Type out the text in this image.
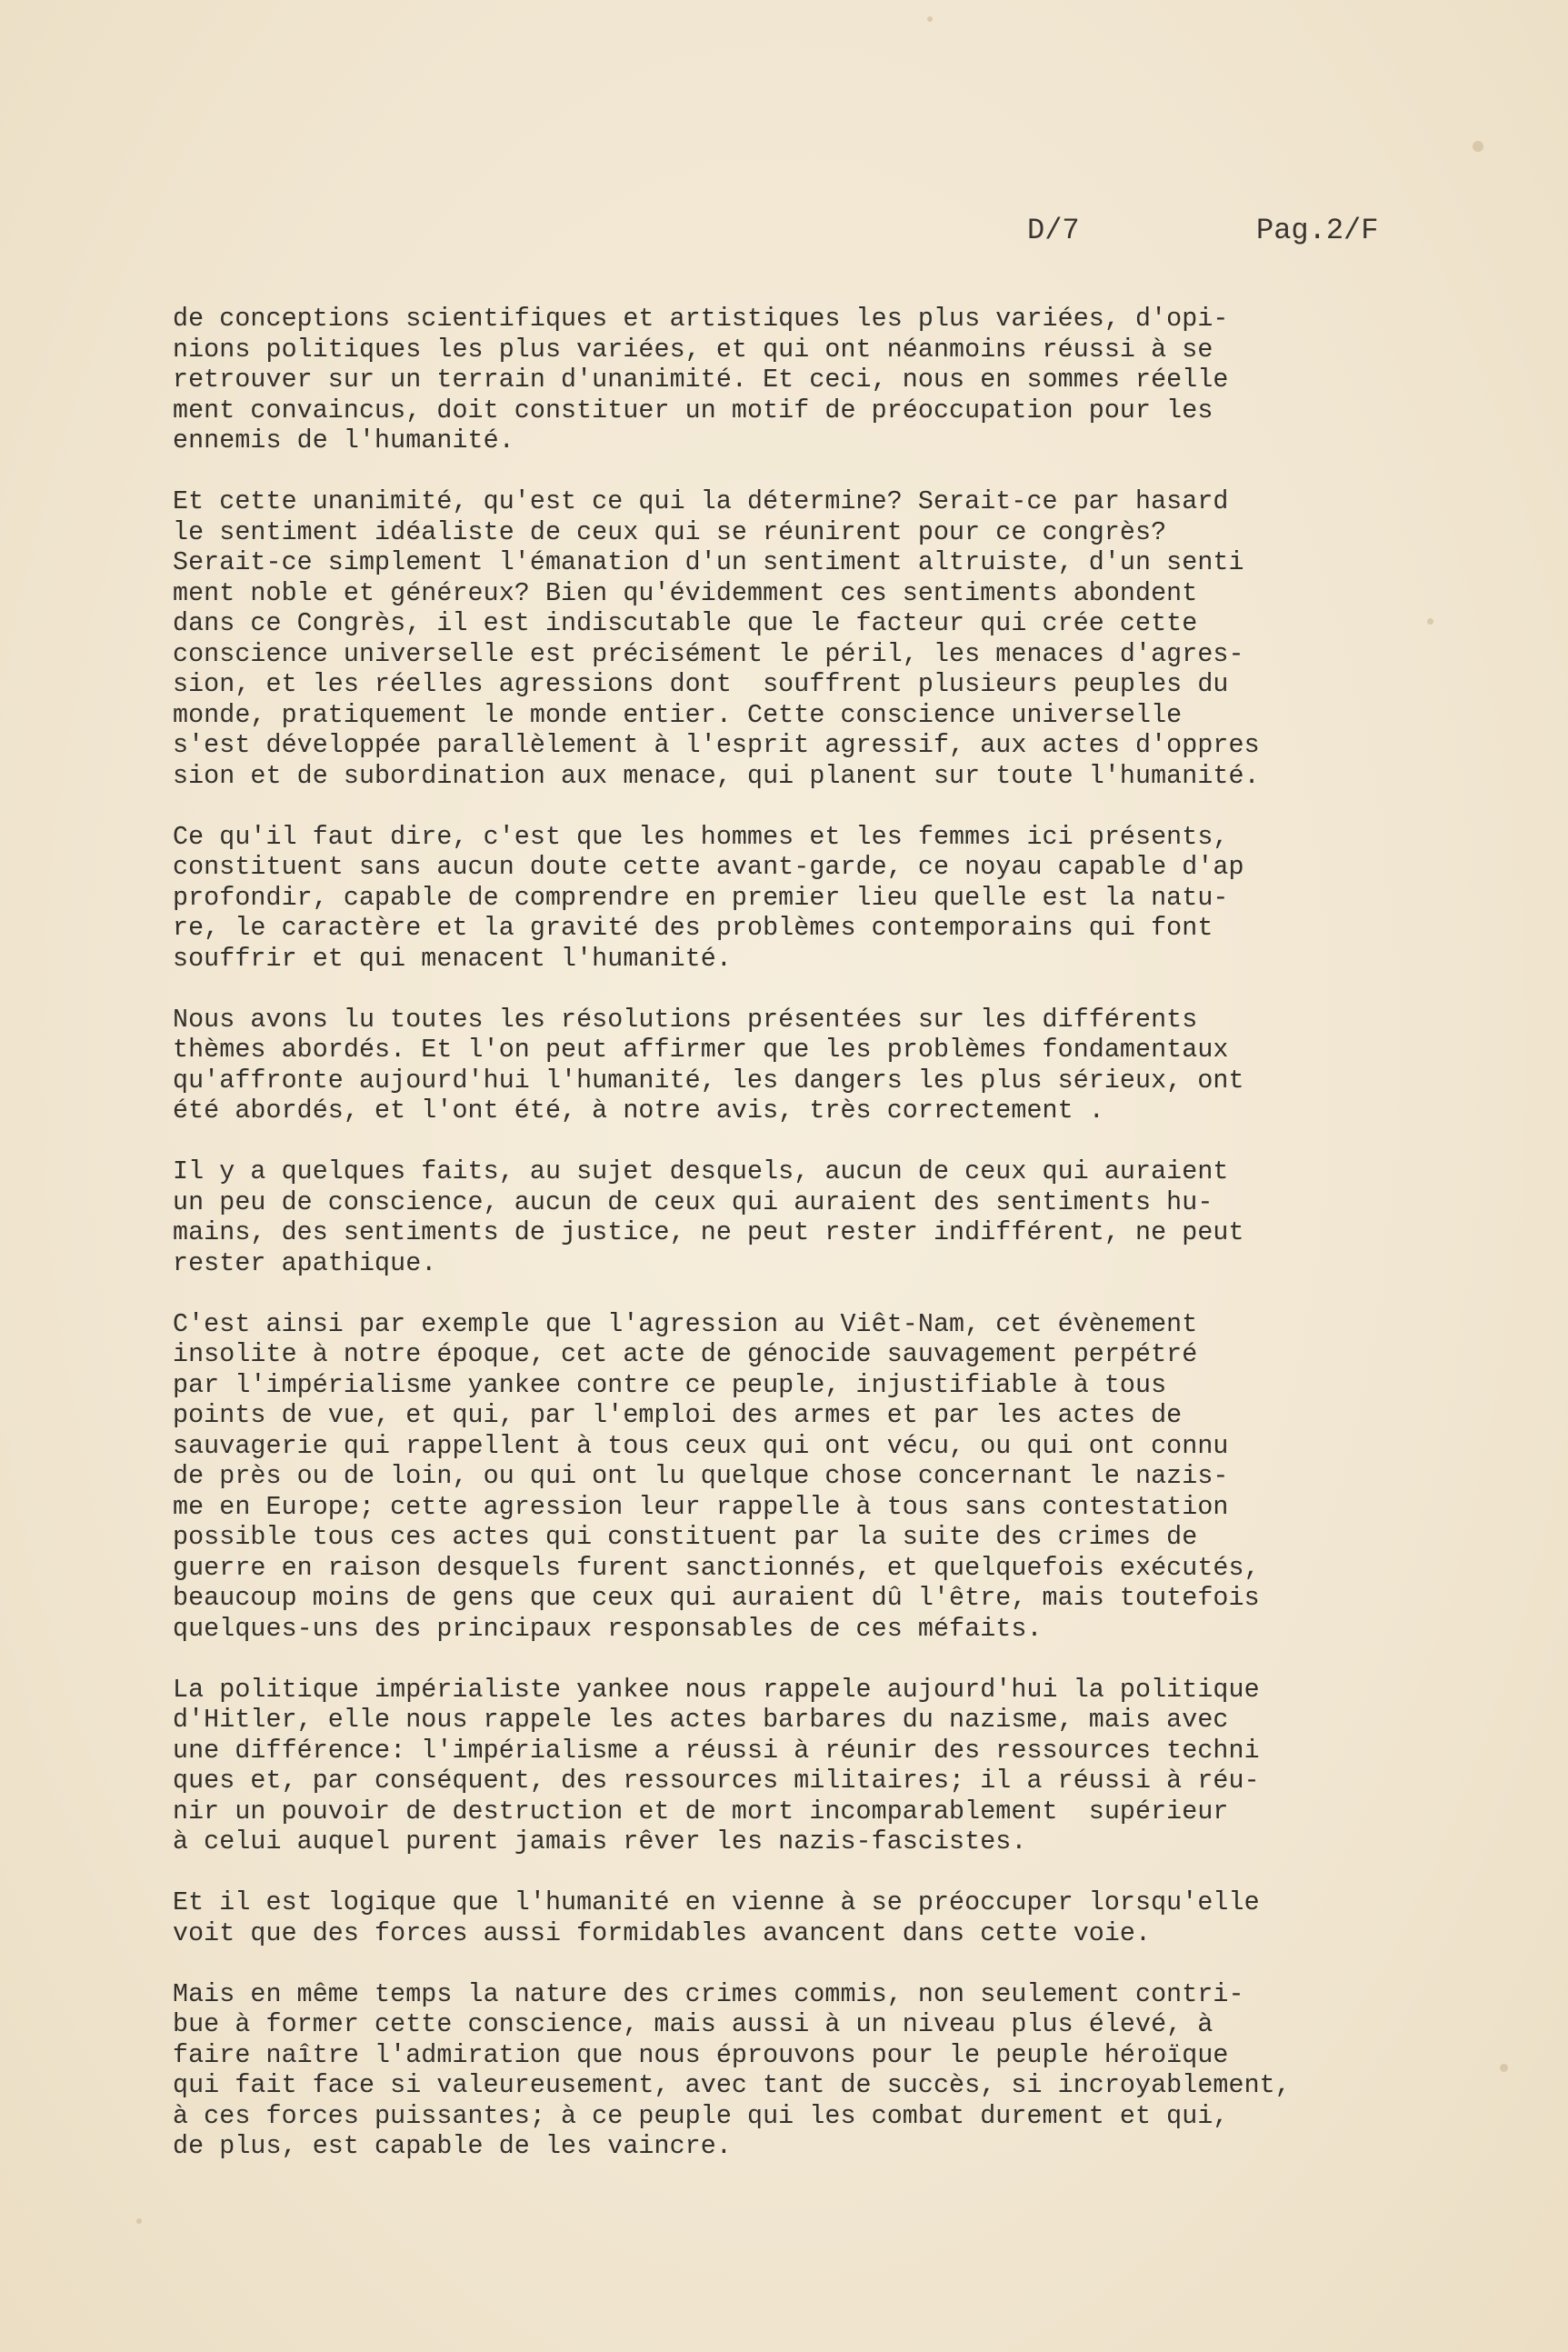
D/7	Pag.2/F
de conceptions scientifiques et artistiques les plus variées, d'opi-
nions politiques les plus variées, et qui ont néanmoins réussi à se
retrouver sur un terrain d'unanimité. Et ceci, nous en sommes réelle
ment convaincus, doit constituer un motif de préoccupation pour les
ennemis de l'humanité.
Et cette unanimité, qu'est ce qui la détermine? Serait-ce par hasard
le sentiment idéaliste de ceux qui se réunirent pour ce congrès?
Serait-ce simplement l'émanation d'un sentiment altruiste, d'un senti
ment noble et généreux? Bien qu'évidemment ces sentiments abondent
dans ce Congrès, il est indiscutable que le facteur qui crée cette
conscience universelle est précisément le péril, les menaces d'agres-
sion, et les réelles agressions dont  souffrent plusieurs peuples du
monde, pratiquement le monde entier. Cette conscience universelle
s'est développée parallèlement à l'esprit agressif, aux actes d'oppres
sion et de subordination aux menace, qui planent sur toute l'humanité.
Ce qu'il faut dire, c'est que les hommes et les femmes ici présents,
constituent sans aucun doute cette avant-garde, ce noyau capable d'ap
profondir, capable de comprendre en premier lieu quelle est la natu-
re, le caractère et la gravité des problèmes contemporains qui font
souffrir et qui menacent l'humanité.
Nous avons lu toutes les résolutions présentées sur les différents
thèmes abordés. Et l'on peut affirmer que les problèmes fondamentaux
qu'affronte aujourd'hui l'humanité, les dangers les plus sérieux, ont
été abordés, et l'ont été, à notre avis, très correctement .
Il y a quelques faits, au sujet desquels, aucun de ceux qui auraient
un peu de conscience, aucun de ceux qui auraient des sentiments hu-
mains, des sentiments de justice, ne peut rester indifférent, ne peut
rester apathique.
C'est ainsi par exemple que l'agression au Viêt-Nam, cet évènement
insolite à notre époque, cet acte de génocide sauvagement perpétré
par l'impérialisme yankee contre ce peuple, injustifiable à tous
points de vue, et qui, par l'emploi des armes et par les actes de
sauvagerie qui rappellent à tous ceux qui ont vécu, ou qui ont connu
de près ou de loin, ou qui ont lu quelque chose concernant le nazis-
me en Europe; cette agression leur rappelle à tous sans contestation
possible tous ces actes qui constituent par la suite des crimes de
guerre en raison desquels furent sanctionnés, et quelquefois exécutés,
beaucoup moins de gens que ceux qui auraient dû l'être, mais toutefois
quelques-uns des principaux responsables de ces méfaits.
La politique impérialiste yankee nous rappele aujourd'hui la politique
d'Hitler, elle nous rappele les actes barbares du nazisme, mais avec
une différence: l'impérialisme a réussi à réunir des ressources techni
ques et, par conséquent, des ressources militaires; il a réussi à réu-
nir un pouvoir de destruction et de mort incomparablement  supérieur
à celui auquel purent jamais rêver les nazis-fascistes.
Et il est logique que l'humanité en vienne à se préoccuper lorsqu'elle
voit que des forces aussi formidables avancent dans cette voie.
Mais en même temps la nature des crimes commis, non seulement contri-
bue à former cette conscience, mais aussi à un niveau plus élevé, à
faire naître l'admiration que nous éprouvons pour le peuple héroïque
qui fait face si valeureusement, avec tant de succès, si incroyablement,
à ces forces puissantes; à ce peuple qui les combat durement et qui,
de plus, est capable de les vaincre.
